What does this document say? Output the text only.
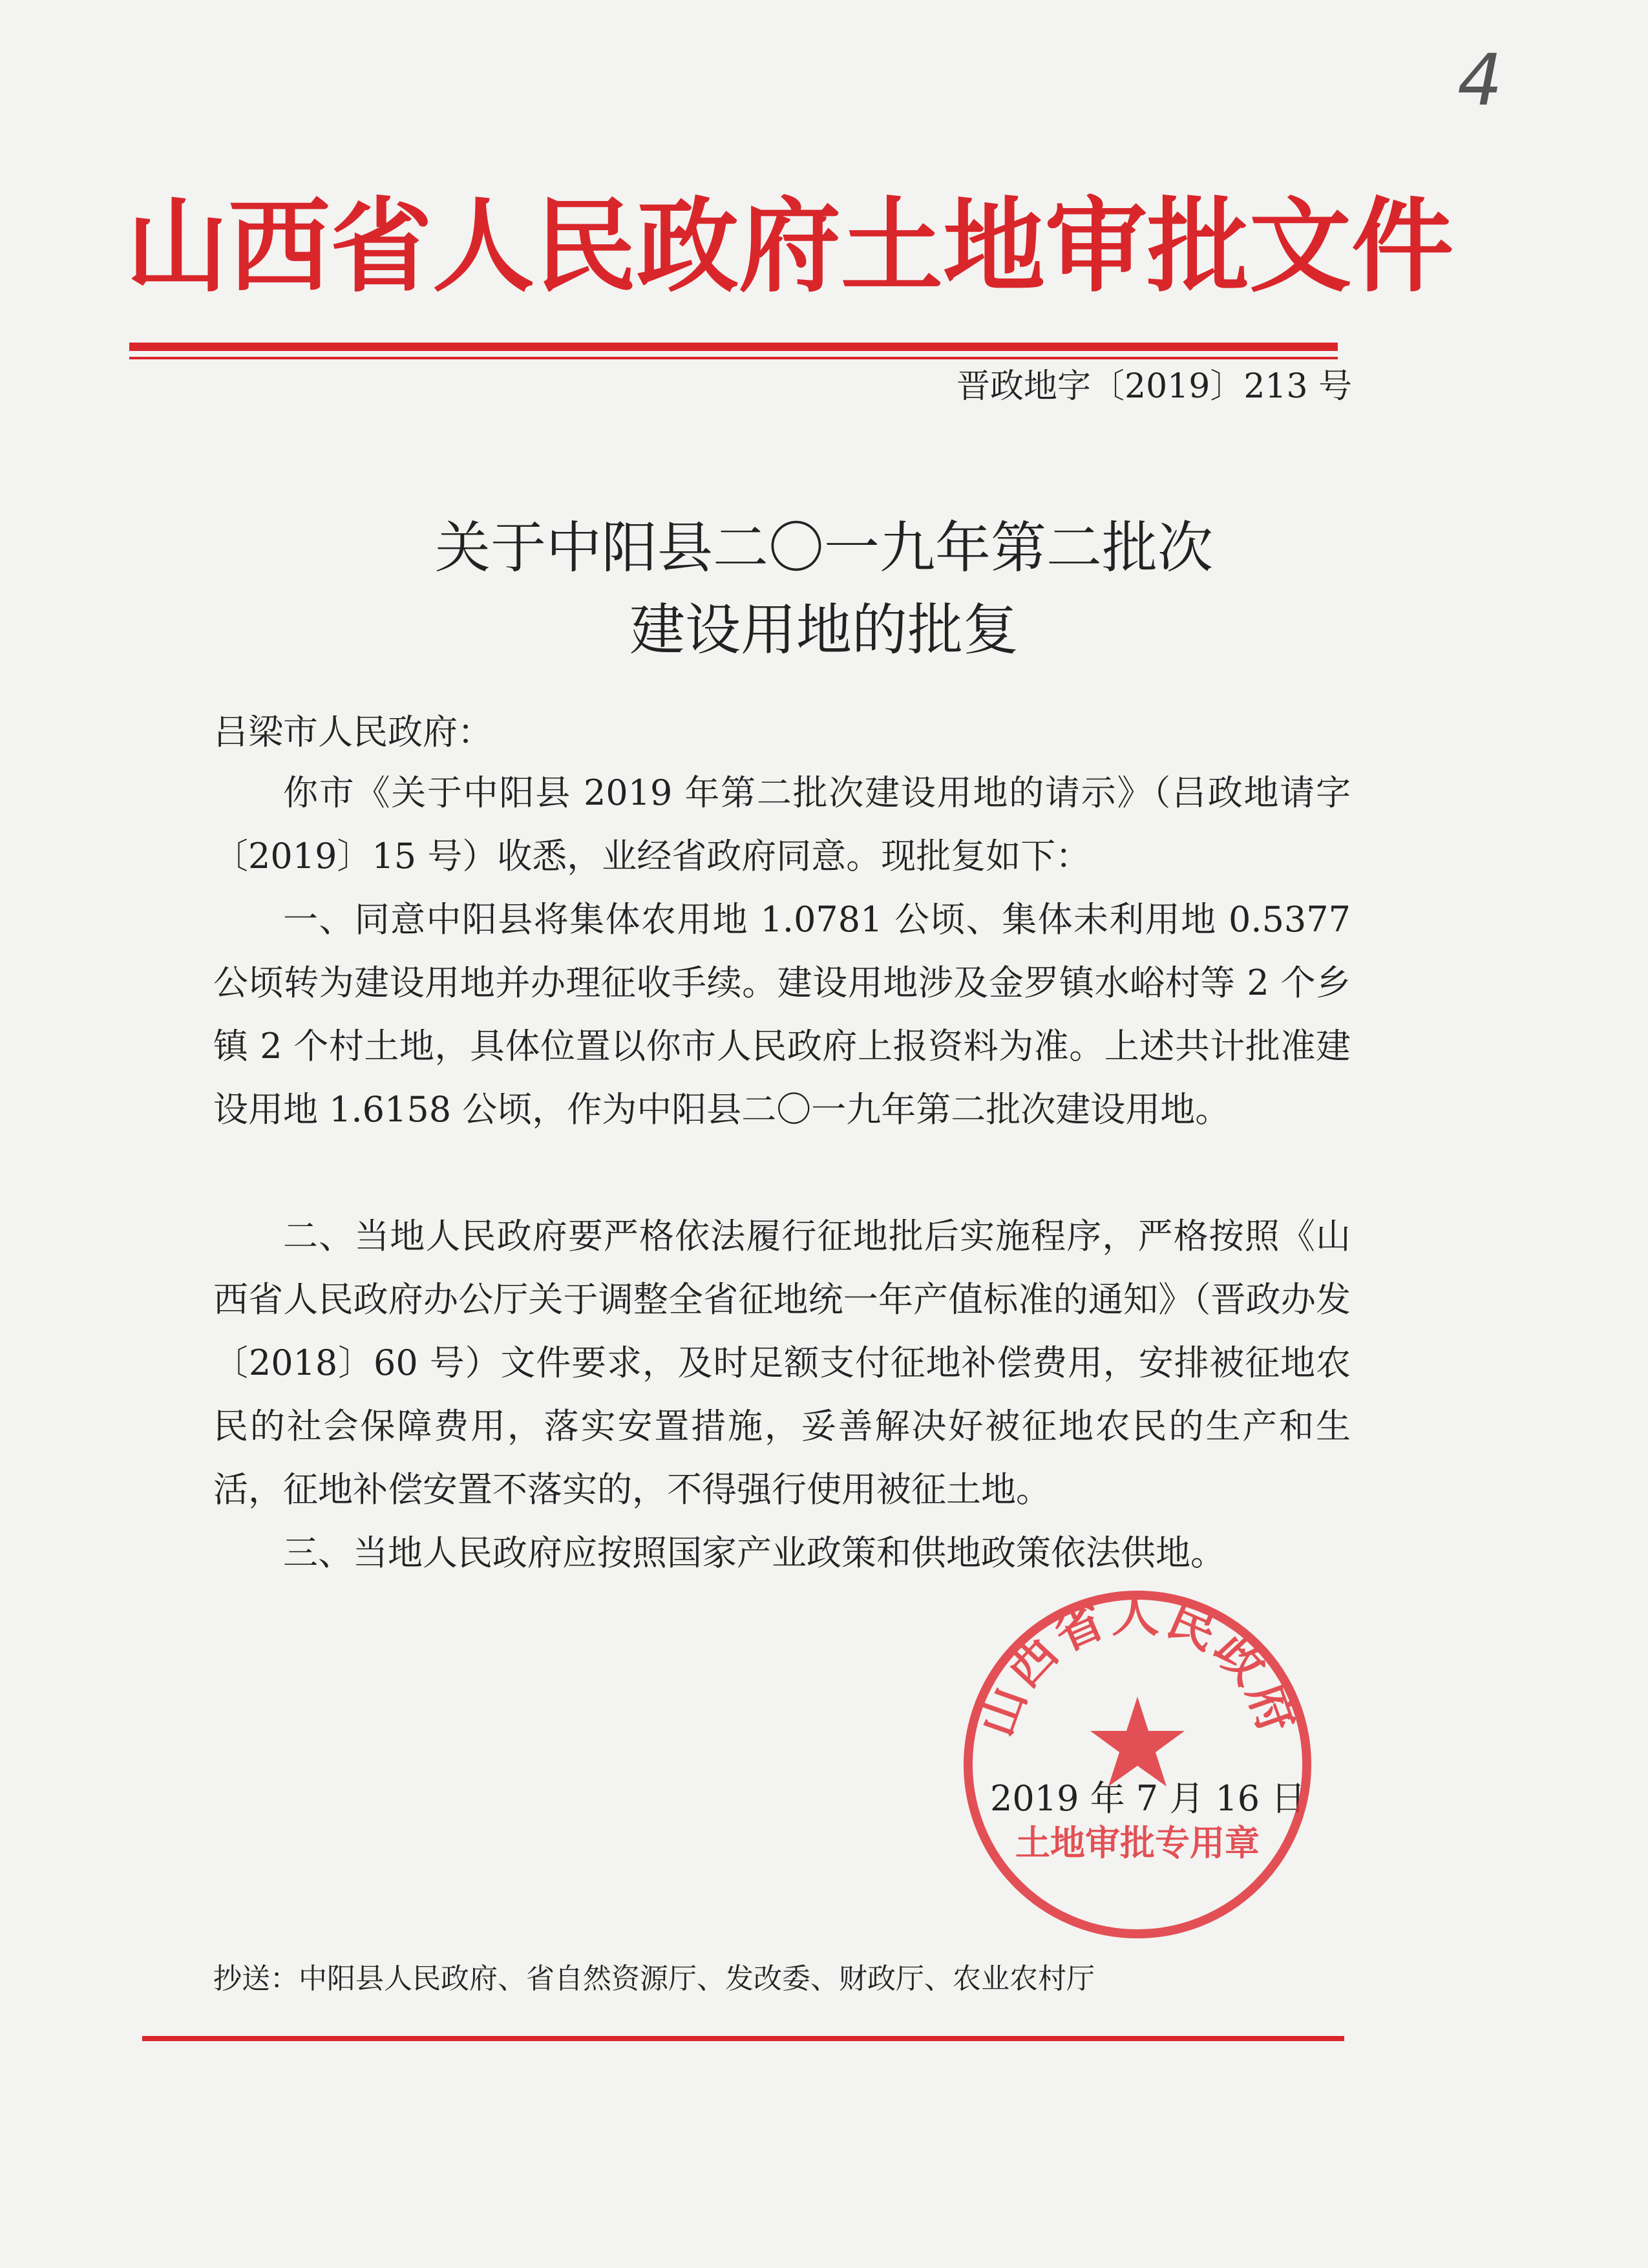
4
山西省人民政府土地审批文件
晋政地字〔2019〕213 号
关于中阳县二〇一九年第二批次
建设用地的批复
吕梁市人民政府：
你市《关于中阳县 2019 年第二批次建设用地的请示》（吕政地请字〔2019〕15 号）收悉，业经省政府同意。现批复如下：
一、同意中阳县将集体农用地 1.0781 公顷、集体未利用地 0.5377 公顷转为建设用地并办理征收手续。建设用地涉及金罗镇水峪村等 2 个乡镇 2 个村土地，具体位置以你市人民政府上报资料为准。上述共计批准建设用地 1.6158 公顷，作为中阳县二〇一九年第二批次建设用地。
二、当地人民政府要严格依法履行征地批后实施程序，严格按照《山西省人民政府办公厅关于调整全省征地统一年产值标准的通知》（晋政办发〔2018〕60 号）文件要求，及时足额支付征地补偿费用，安排被征地农民的社会保障费用，落实安置措施，妥善解决好被征地农民的生产和生活，征地补偿安置不落实的，不得强行使用被征土地。
三、当地人民政府应按照国家产业政策和供地政策依法供地。
2019 年 7 月 16 日
山西省人民政府
土地审批专用章
抄送：中阳县人民政府、省自然资源厅、发改委、财政厅、农业农村厅
